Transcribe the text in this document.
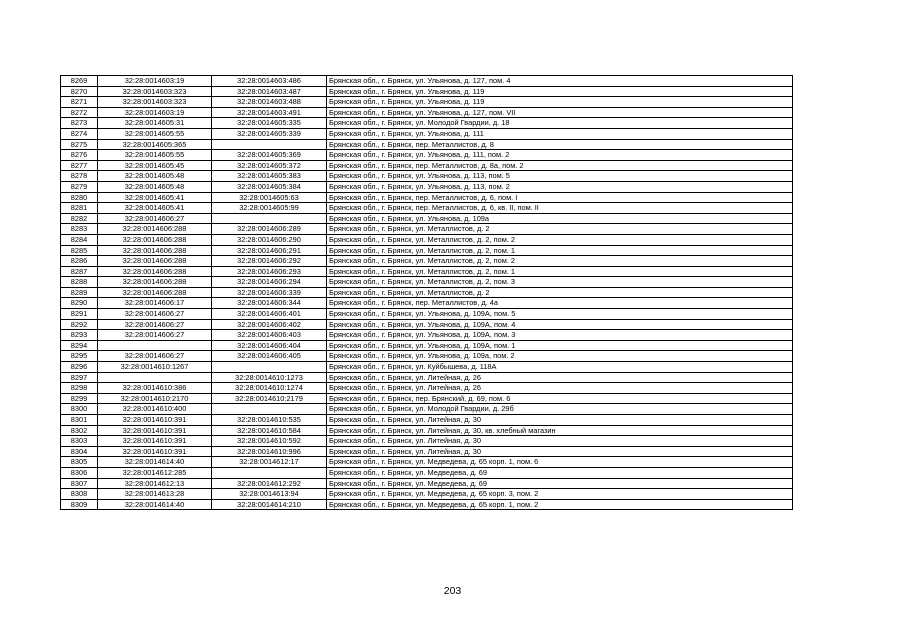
8269	32:28:0014603:19	32:28:0014603:486	Брянская обл., г. Брянск, ул. Ульянова, д. 127, пом. 4
8270	32:28:0014603:323	32:28:0014603:487	Брянская обл., г. Брянск, ул. Ульянова, д. 119
8271	32:28:0014603:323	32:28:0014603:488	Брянская обл., г. Брянск, ул. Ульянова, д. 119
8272	32:28:0014603:19	32:28:0014603:491	Брянская обл., г. Брянск, ул. Ульянова, д. 127, пом. VII
8273	32:28:0014605:31	32:28:0014605:335	Брянская обл., г. Брянск, ул. Молодой Гвардии, д. 18
8274	32:28:0014605:55	32:28:0014605:339	Брянская обл., г. Брянск, ул. Ульянова, д. 111
8275	32:28:0014605:365		Брянская обл., г. Брянск, пер. Металлистов, д. 8
8276	32:28:0014605:55	32:28:0014605:369	Брянская обл., г. Брянск, ул. Ульянова, д. 111, пом. 2
8277	32:28:0014605:45	32:28:0014605:372	Брянская обл., г. Брянск, пер. Металлистов, д. 8а, пом. 2
8278	32:28:0014605:48	32:28:0014605:383	Брянская обл., г. Брянск, ул. Ульянова, д. 113, пом. 5
8279	32:28:0014605:48	32:28:0014605:384	Брянская обл., г. Брянск, ул. Ульянова, д. 113, пом. 2
8280	32:28:0014605:41	32:28:0014605:63	Брянская обл., г. Брянск, пер. Металлистов, д. 6, пом. I
8281	32:28:0014605:41	32:28:0014605:99	Брянская обл., г. Брянск, пер. Металлистов, д. 6, кв. II, пом. II
8282	32:28:0014606:27		Брянская обл., г. Брянск, ул. Ульянова, д. 109а
8283	32:28:0014606:288	32:28:0014606:289	Брянская обл., г. Брянск, ул. Металлистов, д. 2
8284	32:28:0014606:288	32:28:0014606:290	Брянская обл., г. Брянск, ул. Металлистов, д. 2, пом. 2
8285	32:28:0014606:288	32:28:0014606:291	Брянская обл., г. Брянск, ул. Металлистов, д. 2, пом. 1
8286	32:28:0014606:288	32:28:0014606:292	Брянская обл., г. Брянск, ул. Металлистов, д. 2, пом. 2
8287	32:28:0014606:288	32:28:0014606:293	Брянская обл., г. Брянск, ул. Металлистов, д. 2, пом. 1
8288	32:28:0014606:288	32:28:0014606:294	Брянская обл., г. Брянск, ул. Металлистов, д. 2, пом. 3
8289	32:28:0014606:288	32:28:0014606:339	Брянская обл., г. Брянск, ул. Металлистов, д. 2
8290	32:28:0014606:17	32:28:0014606:344	Брянская обл., г. Брянск, пер. Металлистов, д. 4а
8291	32:28:0014606:27	32:28:0014606:401	Брянская обл., г. Брянск, ул. Ульянова, д. 109А, пом. 5
8292	32:28:0014606:27	32:28:0014606:402	Брянская обл., г. Брянск, ул. Ульянова, д. 109А, пом. 4
8293	32:28:0014606:27	32:28:0014606:403	Брянская обл., г. Брянск, ул. Ульянова, д. 109А, пом. 3
8294		32:28:0014606:404	Брянская обл., г. Брянск, ул. Ульянова, д. 109А, пом. 1
8295	32:28:0014606:27	32:28:0014606:405	Брянская обл., г. Брянск, ул. Ульянова, д. 109а, пом. 2
8296	32:28:0014610:1267		Брянская обл., г. Брянск, ул. Куйбышева, д. 118А
8297		32:28:0014610:1273	Брянская обл., г. Брянск, ул. Литейная, д. 26
8298	32:28:0014610:386	32:28:0014610:1274	Брянская обл., г. Брянск, ул. Литейная, д. 26
8299	32:28:0014610:2170	32:28:0014610:2179	Брянская обл., г. Брянск, пер. Брянский, д. 69, пом. 6
8300	32:28:0014610:400		Брянская обл., г. Брянск, ул. Молодой Гвардии, д. 29б
8301	32:28:0014610:391	32:28:0014610:535	Брянская обл., г. Брянск, ул. Литейная, д. 30
8302	32:28:0014610:391	32:28:0014610:584	Брянская обл., г. Брянск, ул. Литейная, д. 30, кв. хлебный магазин
8303	32:28:0014610:391	32:28:0014610:592	Брянская обл., г. Брянск, ул. Литейная, д. 30
8304	32:28:0014610:391	32:28:0014610:996	Брянская обл., г. Брянск, ул. Литейная, д. 30
8305	32:28:0014614:40	32:28:0014612:17	Брянская обл., г. Брянск, ул. Медведева, д. 65 корп. 1, пом. 6
8306	32:28:0014612:285		Брянская обл., г. Брянск, ул. Медведева, д. 69
8307	32:28:0014612:13	32:28:0014612:292	Брянская обл., г. Брянск, ул. Медведева, д. 69
8308	32:28:0014613:28	32:28:0014613:94	Брянская обл., г. Брянск, ул. Медведева, д. 65 корп. 3, пом. 2
8309	32:28:0014614:40	32:28:0014614:210	Брянская обл., г. Брянск, ул. Медведева, д. 65 корп. 1, пом. 2
203
